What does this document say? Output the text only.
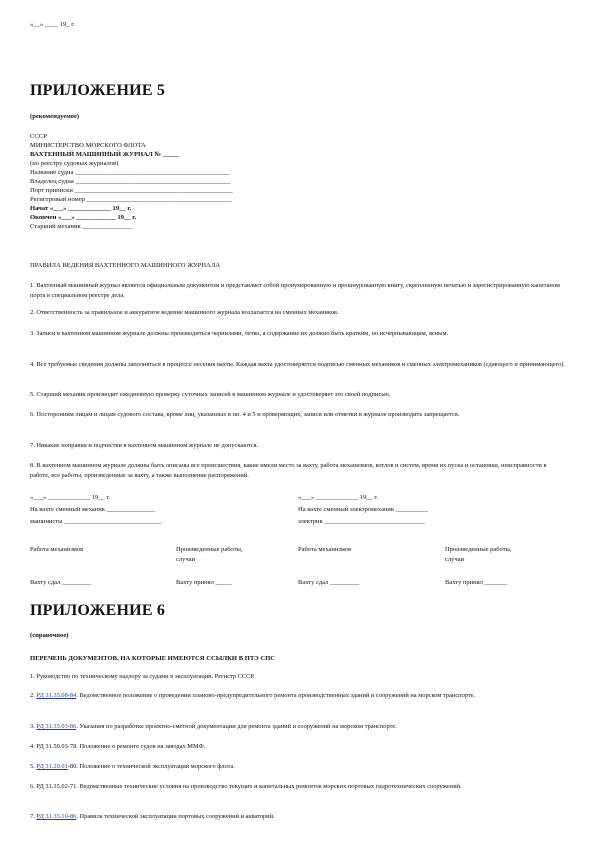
«__» ____ 19_ г.
ПРИЛОЖЕНИЕ 5
(рекомендуемое)
СССР
МИНИСТЕРСТВО МОРСКОГО ФЛОТА
ВАХТЕННЫЙ МАШИННЫЙ ЖУРНАЛ № _____
(по реестру судовых журналов)
Название судна _______________________________________________
Владелец судна _______________________________________________
Порт приписки ________________________________________________
Регистровый номер ____________________________________________
Начат «___» _____________ 19__ г.
Окончен «___» ____________ 19__ г.
Старший механик _______________
ПРАВИЛА ВЕДЕНИЯ ВАХТЕННОГО МАШИННОГО ЖУРНАЛА
1. Вахтенный машинный журнал является официальным документом и представляет собой пронумерованную и прошнурованную книгу, скрепленную печатью и зарегистрированную капитаном порта в специальном реестре дела.
2. Ответственность за правильное и аккуратное ведение машинного журнала возлагается на сменных механиков.
3. Записи в вахтенном машинном журнале должны производиться чернилами, четко, а содержание их должно быть кратким, но исчерпывающим, ясным.
4. Все требуемые сведения должны заполняться в процессе несения вахты. Каждая вахта удостоверяется подписью сменных механиков и сменных электромехаников (сдающего и принимающего).
5. Старший механик производит ежедневную проверку суточных записей в машинном журнале и удостоверяет это своей подписью.
6. Посторонним лицам и лицам судового состава, кроме лиц, указанных в пп. 4 и 5 и проверяющих, записи или отметки в журнале производить запрещается.
7. Никакие поправки и подчистки в вахтенном машинном журнале не допускаются.
8. В вахтенном машинном журнале должны быть описаны все происшествия, какие имели место за вахту, работа механизмов, котлов и систем, время их пуска и остановки, неисправности в работе, все работы, произведенные за вахту, а также выполнение распоряжений.
«___» _____________ 19__ г.
На вахте сменный механик _______________
машинисты ______________________________
Работа механизмов	Произведенные работы,
случаи
Вахту сдал _________	Вахту принял _____
«___» _____________ 19__ г.
На вахте сменный электромеханик __________
электрик _______________________________
Работа механизмов	Произведенные работы,
случаи
Вахту сдал _________	Вахту принял _______
ПРИЛОЖЕНИЕ 6
(справочное)
ПЕРЕЧЕНЬ ДОКУМЕНТОВ, НА КОТОРЫЕ ИМЕЮТСЯ ССЫЛКИ В ПТЭ СПС
1. Руководство по техническому надзору за судами в эксплуатации. Регистр СССР.
2. РД 31.35.08-84. Ведомственное положение о проведении планово-предупредительного ремонта производственных зданий и сооружений на морском транспорте.
3. РД 31.35.03-86. Указания по разработке проектно-сметной документации для ремонта зданий и сооружений на морском транспорте.
4. РД 31.50.03-78. Положение о ремонте судов на заводах ММФ.
5. РД 31.20.01-80. Положение о технической эксплуатации морского флота.
6. РД 31.35.02-71. Ведомственные технические условия на производство текущих и капитальных ремонтов морских портовых гидротехнических сооружений.
7. РД 31.35.10-86. Правила технической эксплуатации портовых сооружений и акваторий.
